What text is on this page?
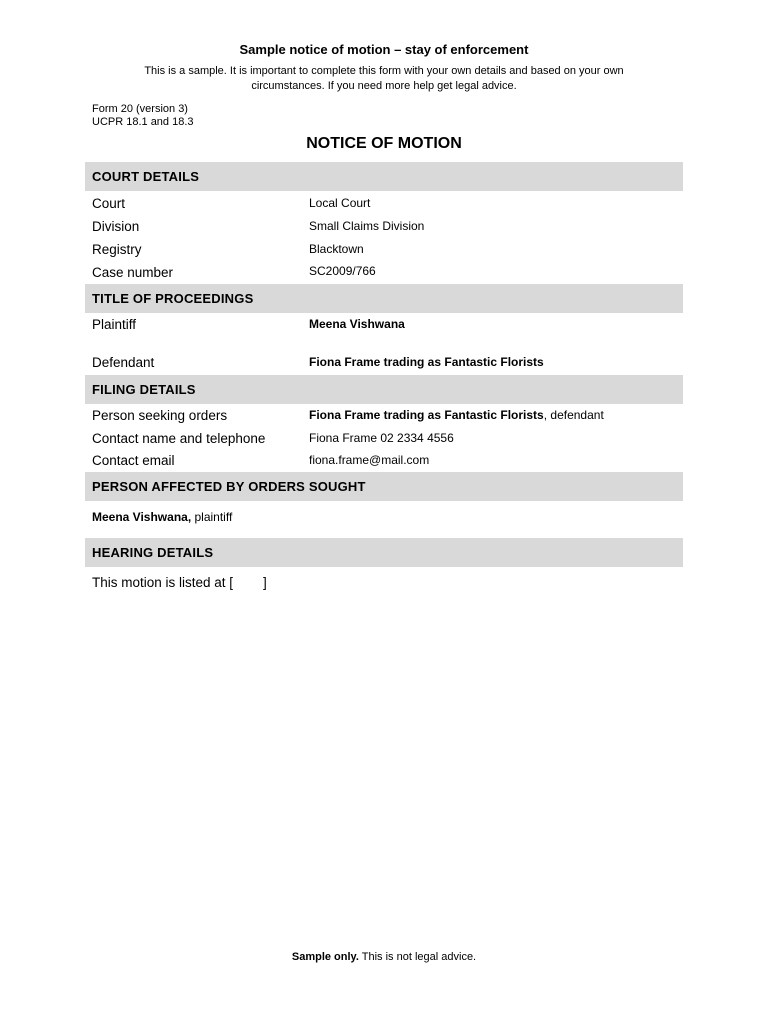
Sample notice of motion – stay of enforcement
This is a sample. It is important to complete this form with your own details and based on your own
circumstances. If you need more help get legal advice.
Form 20 (version 3)
UCPR 18.1 and 18.3
NOTICE OF MOTION
COURT DETAILS
Court	Local Court
Division	Small Claims Division
Registry	Blacktown
Case number	SC2009/766
TITLE OF PROCEEDINGS
Plaintiff	Meena Vishwana
Defendant	Fiona Frame trading as Fantastic Florists
FILING DETAILS
Person seeking orders	Fiona Frame trading as Fantastic Florists, defendant
Contact name and telephone	Fiona Frame 02 2334 4556
Contact email	fiona.frame@mail.com
PERSON AFFECTED BY ORDERS SOUGHT
Meena Vishwana, plaintiff
HEARING DETAILS
This motion is listed at [        ]
Sample only. This is not legal advice.
